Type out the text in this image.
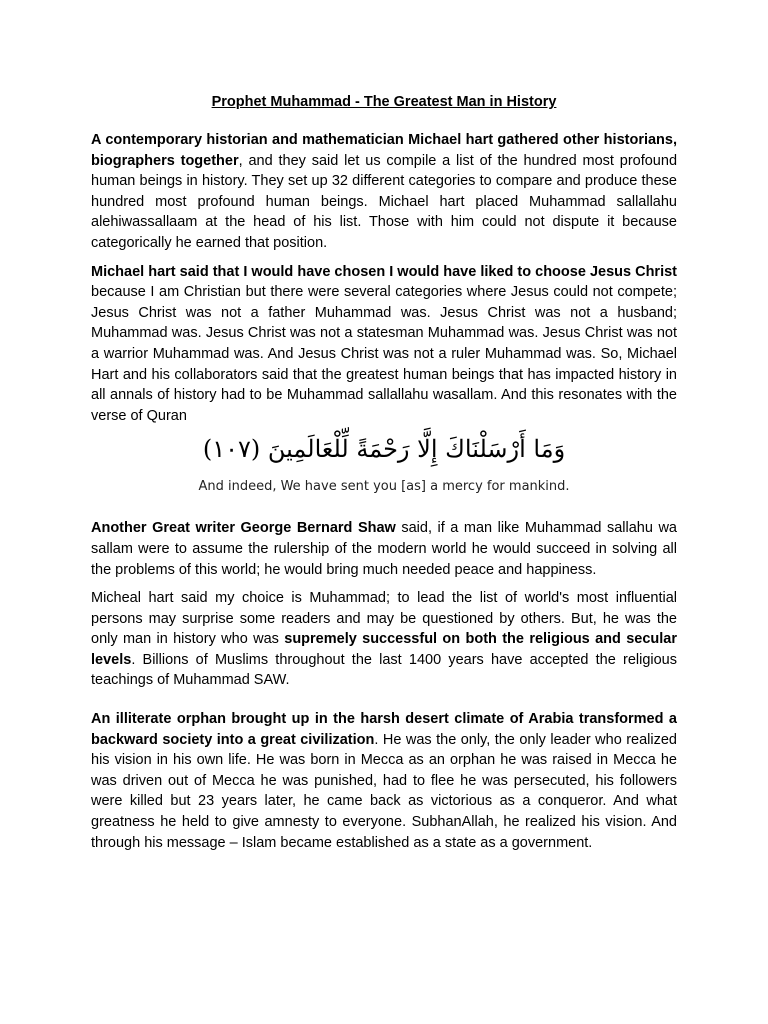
Prophet Muhammad - The Greatest Man in History

A contemporary historian and mathematician Michael hart gathered other historians, biographers together, and they said let us compile a list of the hundred most profound human beings in history. They set up 32 different categories to compare and produce these hundred most profound human beings. Michael hart placed Muhammad sallallahu alehiwassallaam at the head of his list. Those with him could not dispute it because categorically he earned that position.

Michael hart said that I would have chosen I would have liked to choose Jesus Christ because I am Christian but there were several categories where Jesus could not compete; Jesus Christ was not a father Muhammad was. Jesus Christ was not a husband; Muhammad was. Jesus Christ was not a statesman Muhammad was. Jesus Christ was not a warrior Muhammad was. And Jesus Christ was not a ruler Muhammad was. So, Michael Hart and his collaborators said that the greatest human beings that has impacted history in all annals of history had to be Muhammad sallallahu wasallam. And this resonates with the verse of Quran

وَمَا أَرْسَلْنَاكَ إِلَّا رَحْمَةً لِّلْعَالَمِينَ (١٠٧)
And indeed, We have sent you [as] a mercy for mankind.

Another Great writer George Bernard Shaw said, if a man like Muhammad sallahu wa sallam were to assume the rulership of the modern world he would succeed in solving all the problems of this world; he would bring much needed peace and happiness.

Micheal hart said my choice is Muhammad; to lead the list of world's most influential persons may surprise some readers and may be questioned by others. But, he was the only man in history who was supremely successful on both the religious and secular levels. Billions of Muslims throughout the last 1400 years have accepted the religious teachings of Muhammad SAW.

An illiterate orphan brought up in the harsh desert climate of Arabia transformed a backward society into a great civilization. He was the only, the only leader who realized his vision in his own life. He was born in Mecca as an orphan he was raised in Mecca he was driven out of Mecca he was punished, had to flee he was persecuted, his followers were killed but 23 years later, he came back as victorious as a conqueror. And what greatness he held to give amnesty to everyone. SubhanAllah, he realized his vision. And through his message – Islam became established as a state as a government.
